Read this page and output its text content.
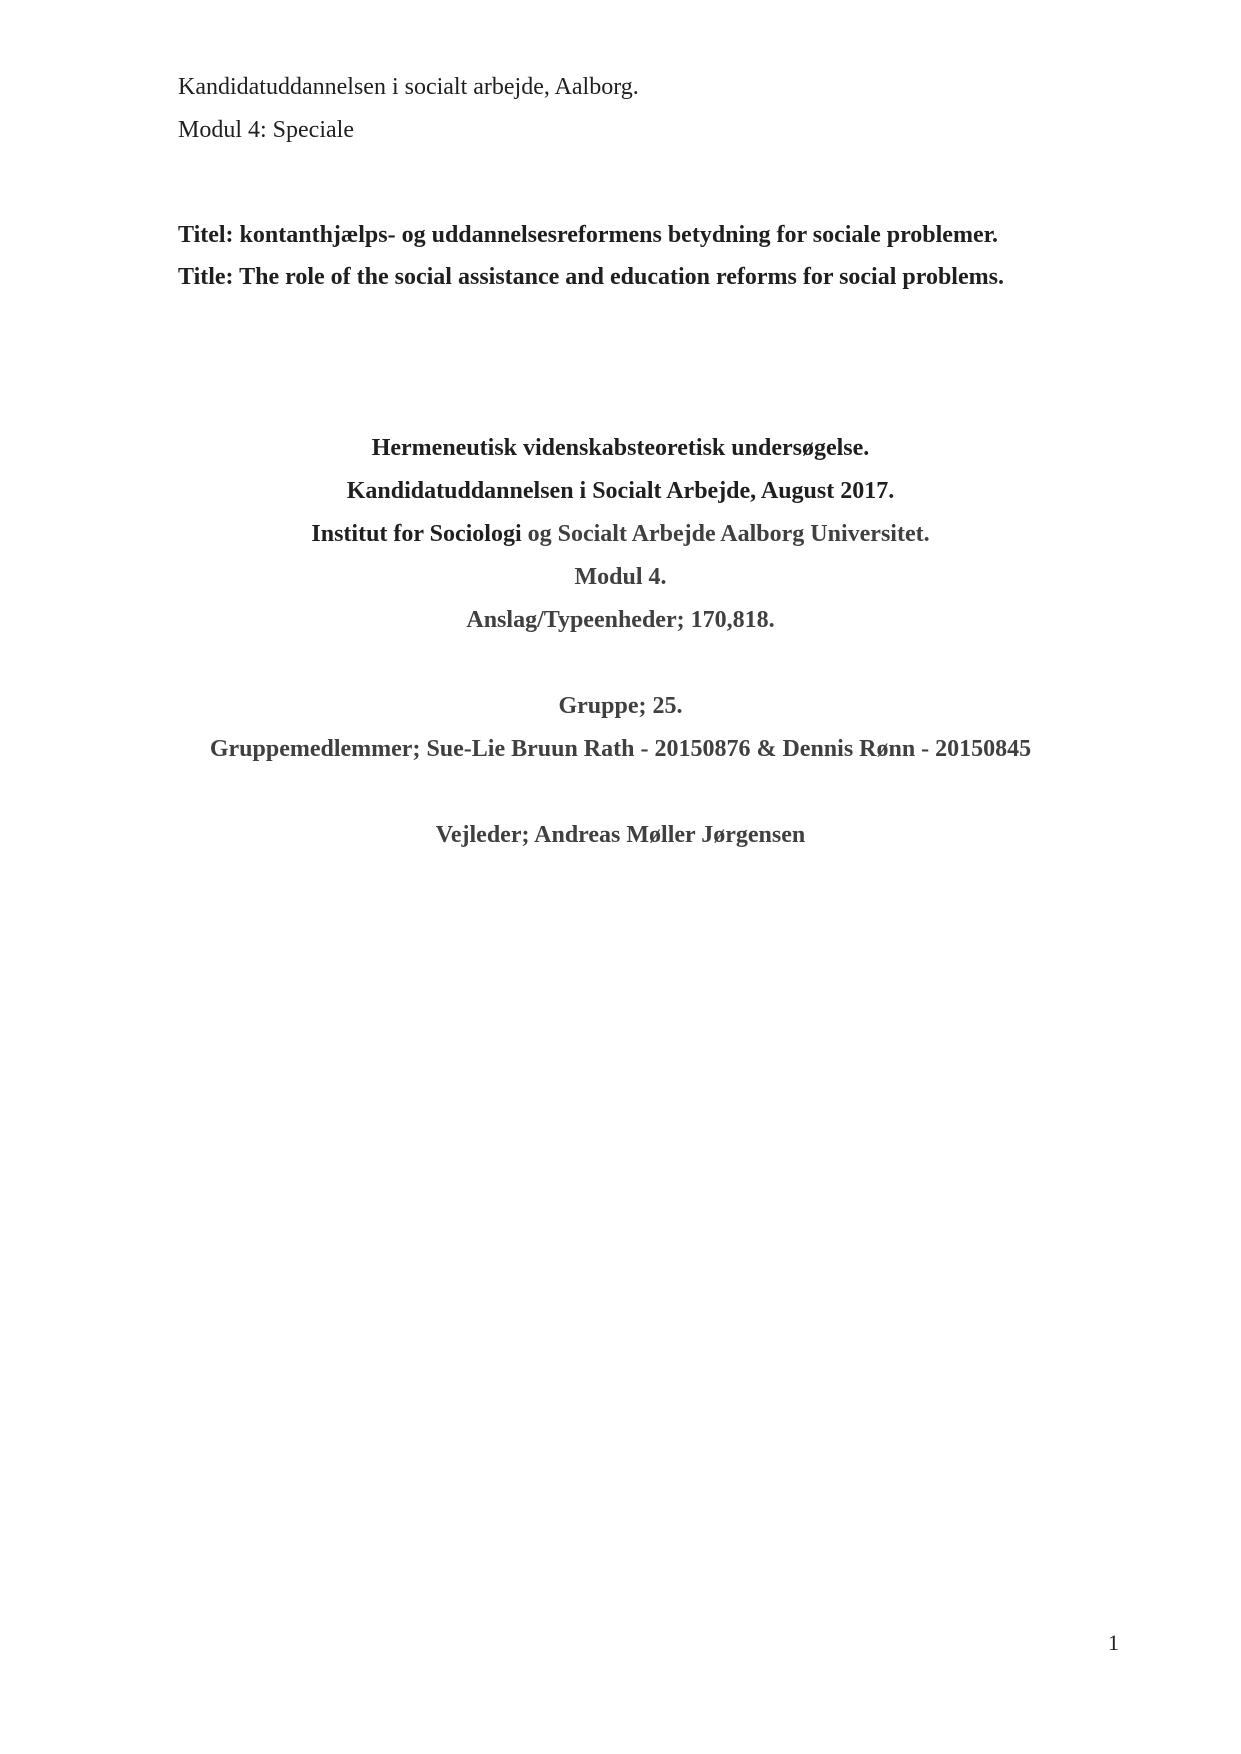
Kandidatuddannelsen i socialt arbejde, Aalborg.
Modul 4: Speciale
Titel: kontanthjælps- og uddannelsesreformens betydning for sociale problemer.
Title: The role of the social assistance and education reforms for social problems.
Hermeneutisk videnskabsteoretisk undersøgelse.
Kandidatuddannelsen i Socialt Arbejde, August 2017.
Institut for Sociologi og Socialt Arbejde Aalborg Universitet.
Modul 4.
Anslag/Typeenheder; 170,818.
Gruppe; 25.
Gruppemedlemmer; Sue-Lie Bruun Rath - 20150876 & Dennis Rønn - 20150845
Vejleder; Andreas Møller Jørgensen
1
